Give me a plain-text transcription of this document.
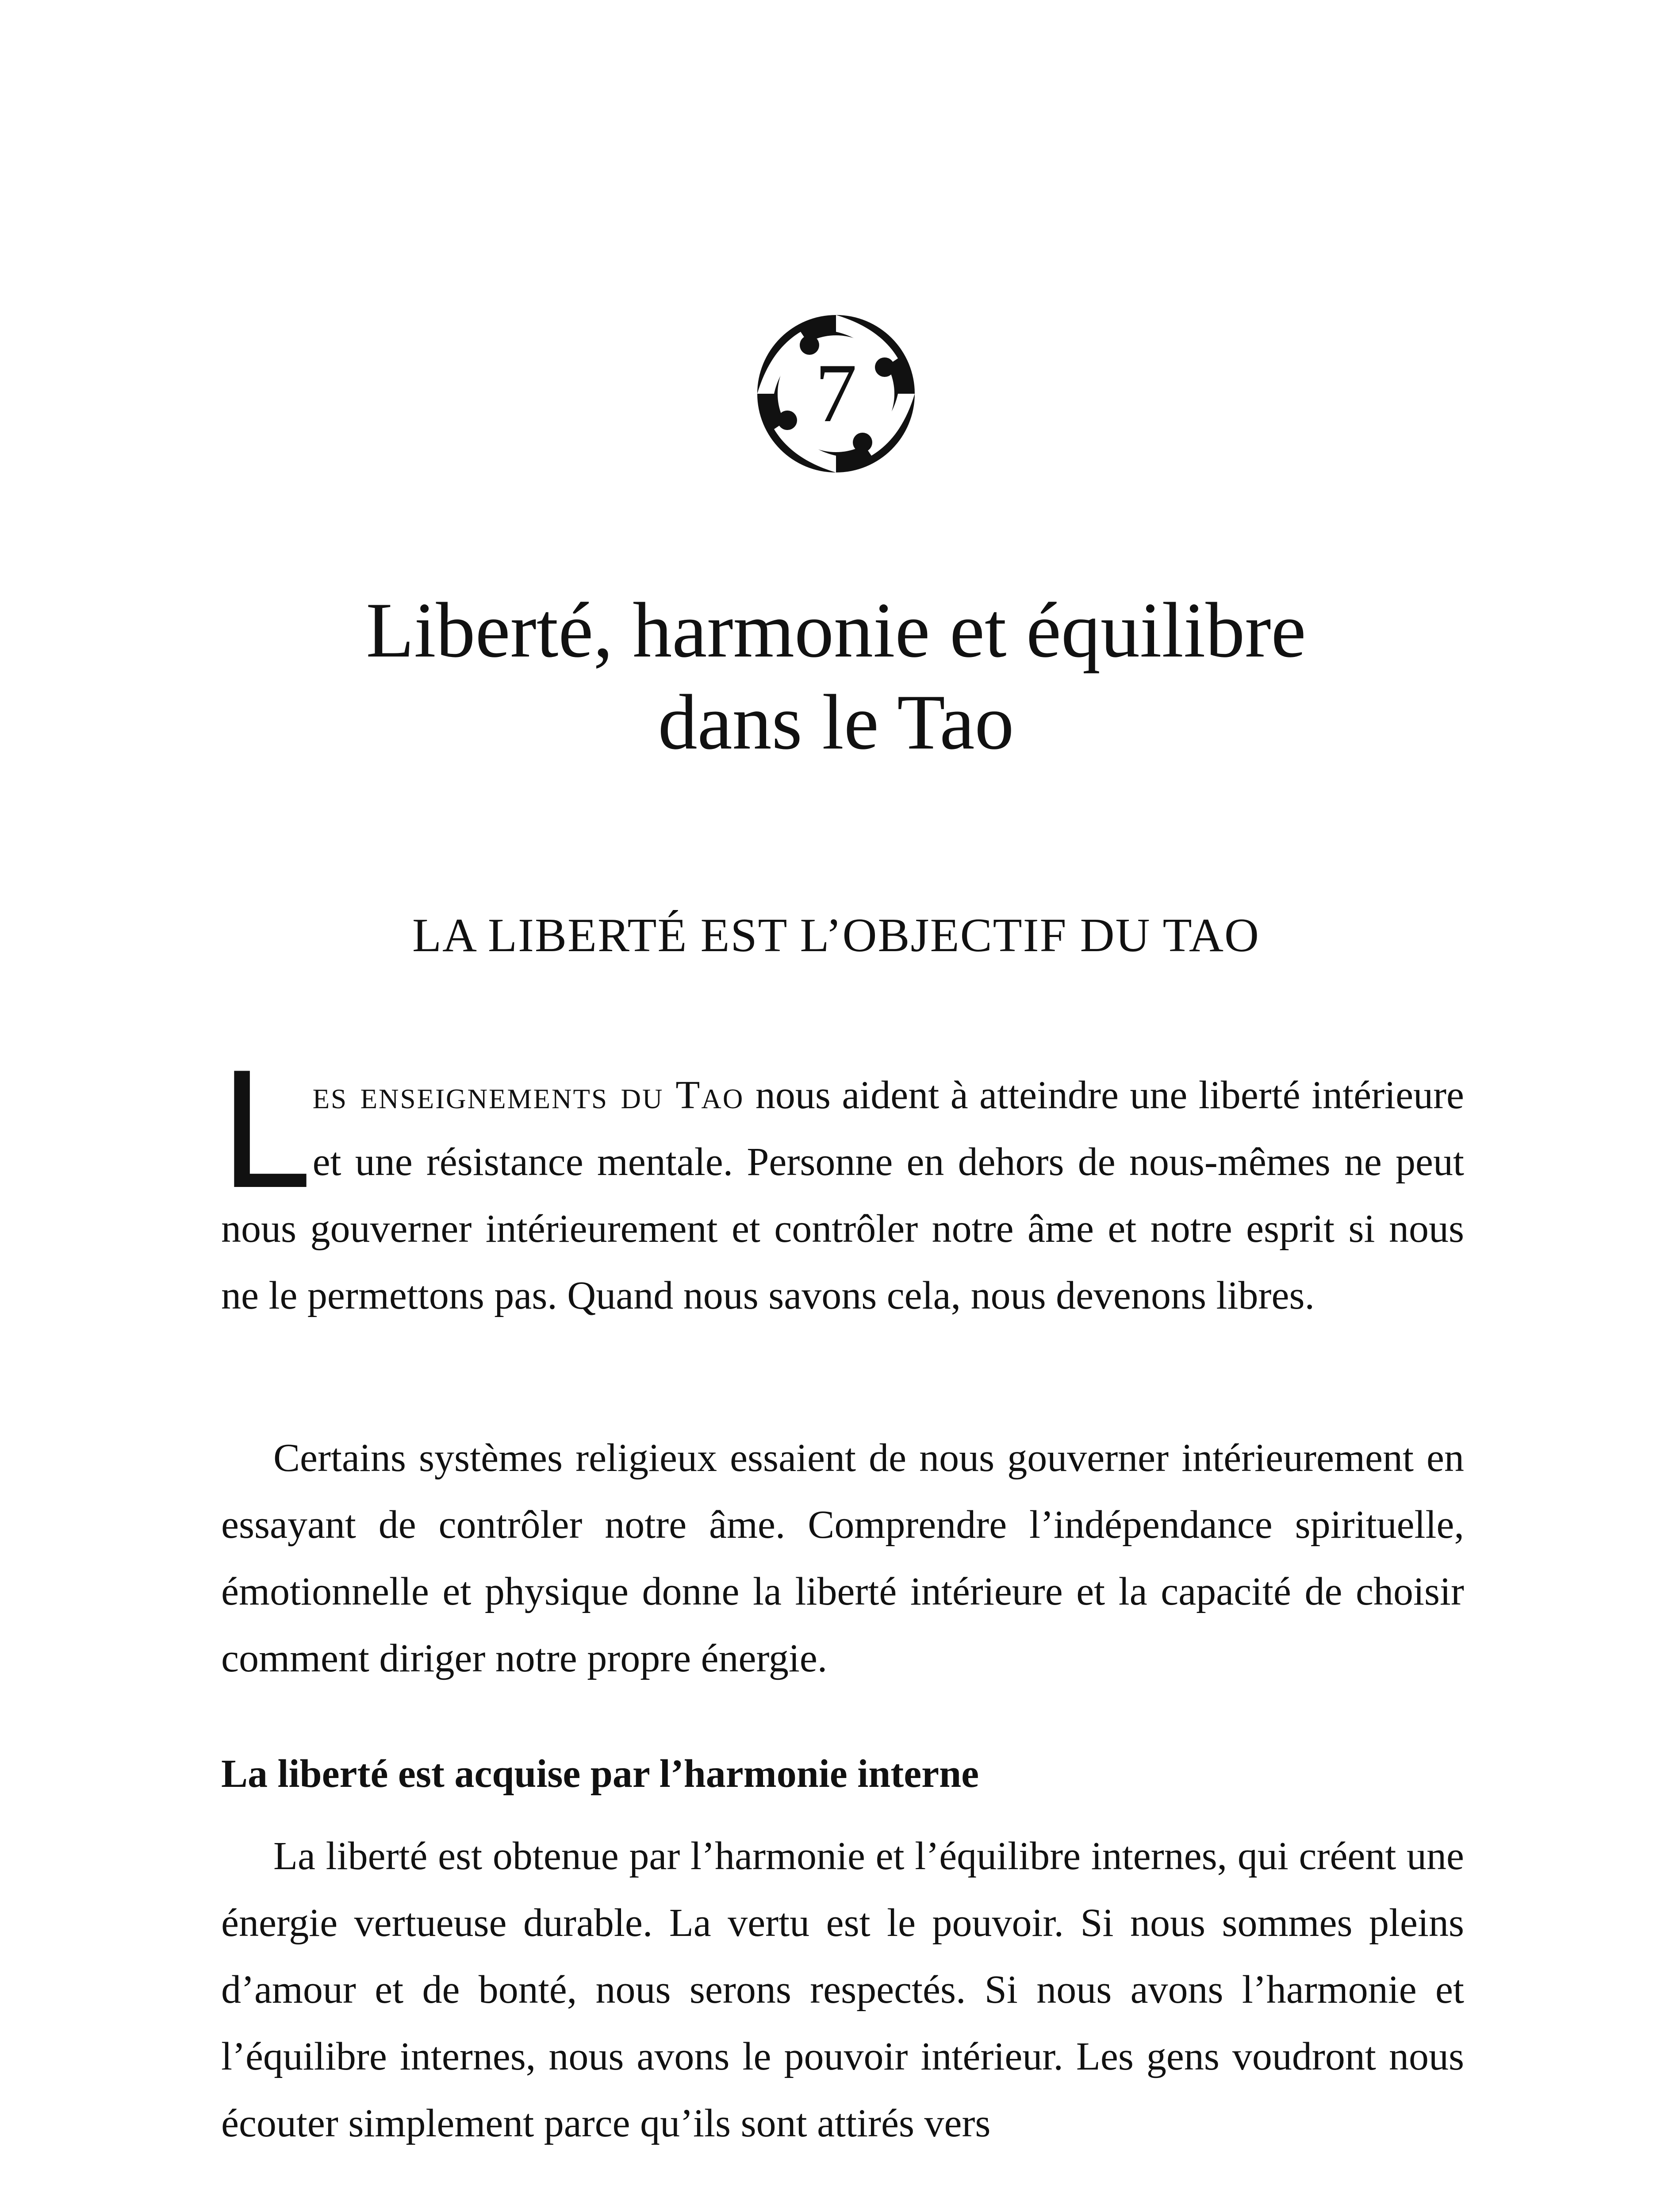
7
Liberté, harmonie et équilibre
dans le Tao
LA LIBERTÉ EST L’OBJECTIF DU TAO

Les enseignements du Tao nous aident à atteindre une liberté intérieure et une résistance mentale. Personne en dehors de nous-mêmes ne peut nous gouverner intérieurement et contrôler notre âme et notre esprit si nous ne le permettons pas. Quand nous savons cela, nous devenons libres.

Certains systèmes religieux essaient de nous gouverner intérieurement en essayant de contrôler notre âme. Comprendre l’indépendance spirituelle, émotionnelle et physique donne la liberté intérieure et la capacité de choisir comment diriger notre propre énergie.

La liberté est acquise par l’harmonie interne

La liberté est obtenue par l’harmonie et l’équilibre internes, qui créent une énergie vertueuse durable. La vertu est le pouvoir. Si nous sommes pleins d’amour et de bonté, nous serons respectés. Si nous avons l’harmonie et l’équilibre internes, nous avons le pouvoir intérieur. Les gens voudront nous écouter simplement parce qu’ils sont attirés vers
